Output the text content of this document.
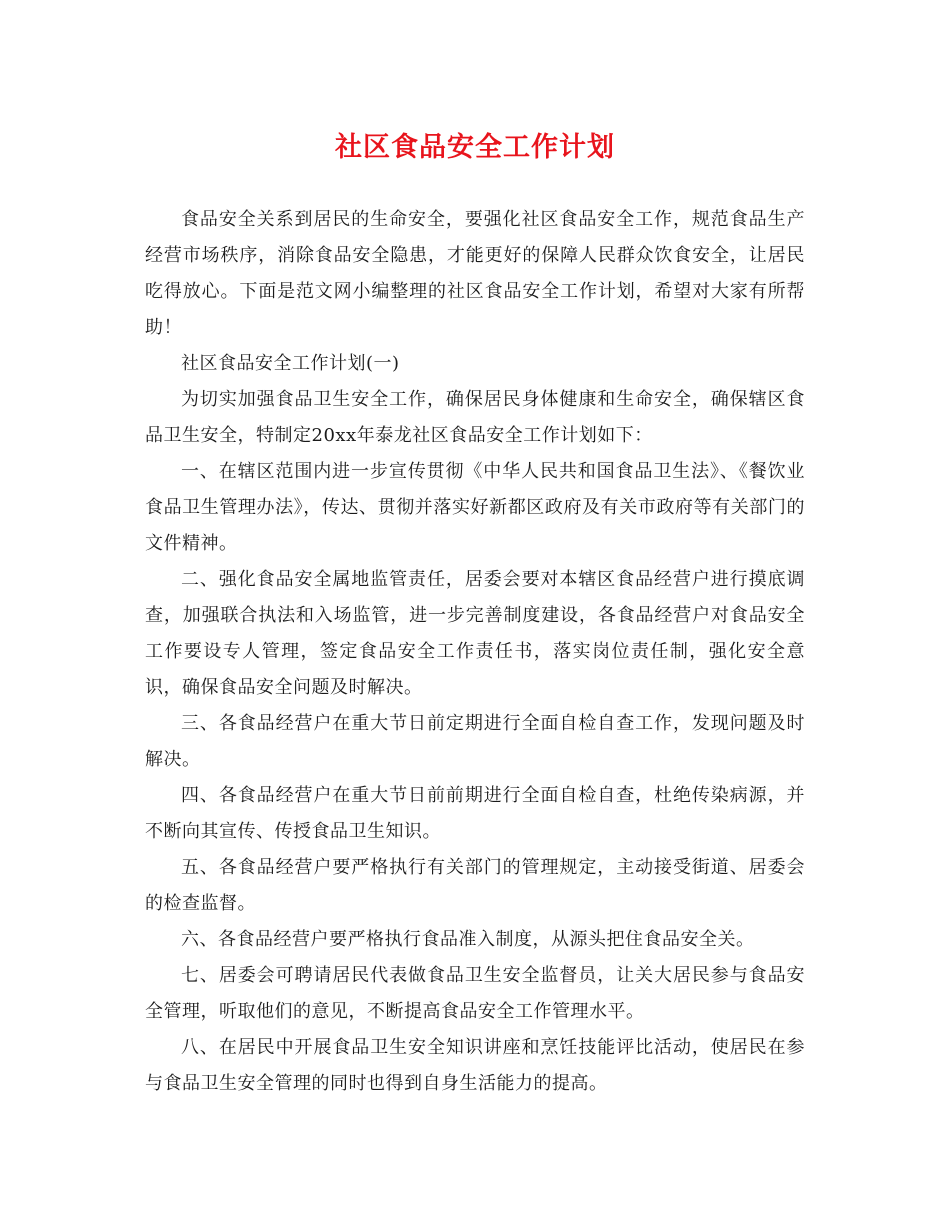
社区食品安全工作计划

食品安全关系到居民的生命安全，要强化社区食品安全工作，规范食品生产经营市场秩序，消除食品安全隐患，才能更好的保障人民群众饮食安全，让居民吃得放心。下面是范文网小编整理的社区食品安全工作计划，希望对大家有所帮助！

社区食品安全工作计划(一)

为切实加强食品卫生安全工作，确保居民身体健康和生命安全，确保辖区食品卫生安全，特制定20xx年泰龙社区食品安全工作计划如下：

一、在辖区范围内进一步宣传贯彻《中华人民共和国食品卫生法》、《餐饮业食品卫生管理办法》，传达、贯彻并落实好新都区政府及有关市政府等有关部门的文件精神。

二、强化食品安全属地监管责任，居委会要对本辖区食品经营户进行摸底调查，加强联合执法和入场监管，进一步完善制度建设，各食品经营户对食品安全工作要设专人管理，签定食品安全工作责任书，落实岗位责任制，强化安全意识，确保食品安全问题及时解决。

三、各食品经营户在重大节日前定期进行全面自检自查工作，发现问题及时解决。

四、各食品经营户在重大节日前前期进行全面自检自查，杜绝传染病源，并不断向其宣传、传授食品卫生知识。

五、各食品经营户要严格执行有关部门的管理规定，主动接受街道、居委会的检查监督。

六、各食品经营户要严格执行食品准入制度，从源头把住食品安全关。

七、居委会可聘请居民代表做食品卫生安全监督员，让关大居民参与食品安全管理，听取他们的意见，不断提高食品安全工作管理水平。

八、在居民中开展食品卫生安全知识讲座和烹饪技能评比活动，使居民在参与食品卫生安全管理的同时也得到自身生活能力的提高。
